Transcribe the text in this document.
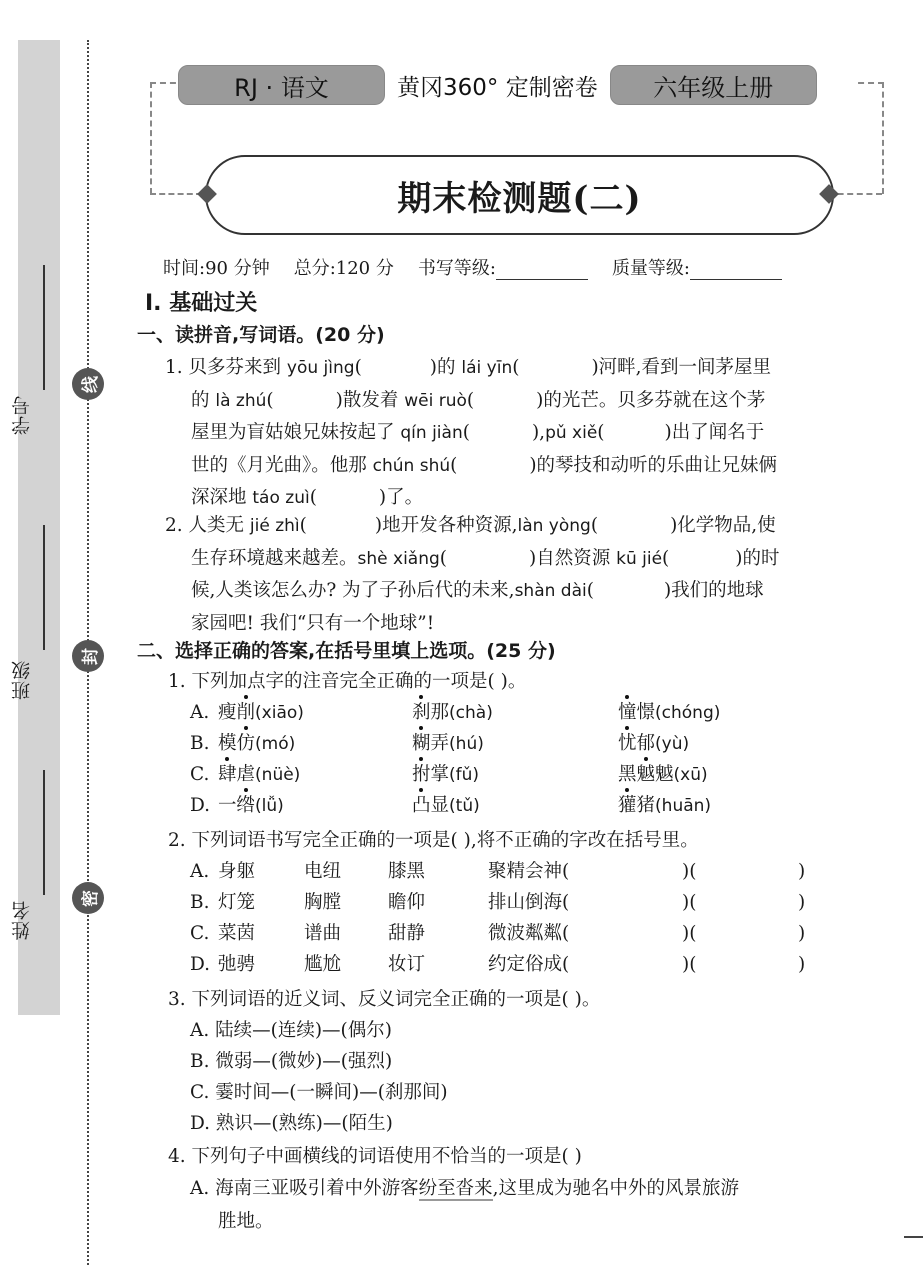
学号
班级
姓名
线
封
密
RJ · 语文	黄冈360° 定制密卷	六年级上册
期末检测题(二)
时间:90 分钟 总分:120 分 书写等级:	质量等级:
Ⅰ. 基础过关
一、读拼音,写词语。(20 分)
1. 贝多芬来到 yōu jìng(	)的 lái yīn(	)河畔,看到一间茅屋里
的 là zhú(	)散发着 wēi ruò(	)的光芒。贝多芬就在这个茅
屋里为盲姑娘兄妹按起了 qín jiàn(	),pǔ xiě(	)出了闻名于
世的《月光曲》。他那 chún shú(	)的琴技和动听的乐曲让兄妹俩
深深地 táo zuì(	)了。
2. 人类无 jié zhì(	)地开发各种资源,làn yòng(	)化学物品,使
生存环境越来越差。shè xiǎng(	)自然资源 kū jié(	)的时
候,人类该怎么办? 为了子孙后代的未来,shàn dài(	)我们的地球
家园吧! 我们“只有一个地球”!
二、选择正确的答案,在括号里填上选项。(25 分)
1. 下列加点字的注音完全正确的一项是( )。
A. 瘦削(xiāo)	刹那(chà)	憧憬(chóng)
B. 模仿(mó)	糊弄(hú)	忧郁(yù)
C. 肆虐(nüè)	拊掌(fǔ)	黑魆魆(xū)
D. 一绺(lǚ)	凸显(tǔ)	獾猪(huān)
2. 下列词语书写完全正确的一项是( ),将不正确的字改在括号里。
A. 身躯	电纽	膝黑	聚精会神(	)(	)
B. 灯笼	胸膛	瞻仰	排山倒海(	)(	)
C. 菜茵	谱曲	甜静	微波粼粼(	)(	)
D. 弛骋	尴尬	妆订	约定俗成(	)(	)
3. 下列词语的近义词、反义词完全正确的一项是( )。
A. 陆续—(连续)—(偶尔)
B. 微弱—(微妙)—(强烈)
C. 霎时间—(一瞬间)—(刹那间)
D. 熟识—(熟练)—(陌生)
4. 下列句子中画横线的词语使用不恰当的一项是( )
A. 海南三亚吸引着中外游客纷至沓来,这里成为驰名中外的风景旅游
胜地。
